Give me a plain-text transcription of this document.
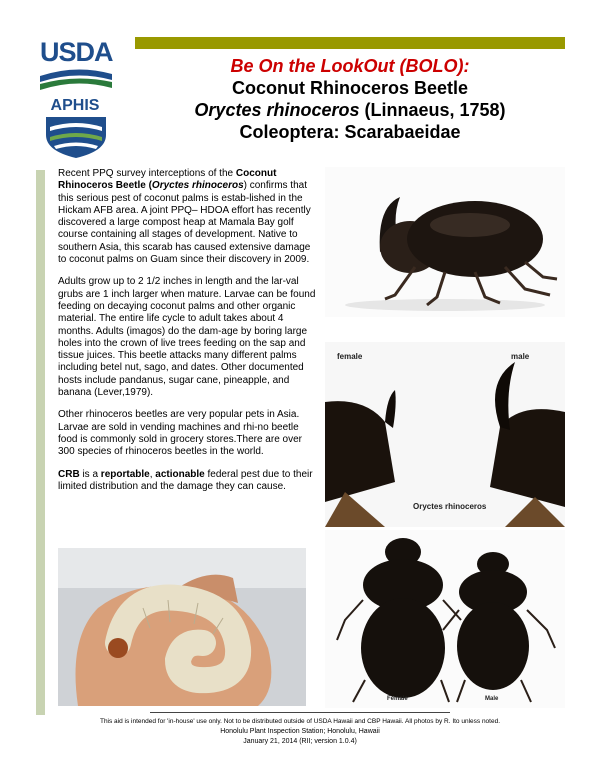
USDA
APHIS
Be On the LookOut (BOLO):
Coconut Rhinoceros Beetle
Oryctes rhinoceros (Linnaeus, 1758)
Coleoptera: Scarabaeidae

Recent PPQ survey interceptions of the Coconut Rhinoceros Beetle (Oryctes rhinoceros) confirms that this serious pest of coconut palms is estab-lished in the Hickam AFB area. A joint PPQ– HDOA effort has recently discovered a large compost heap at Mamala Bay golf course containing all stages of development. Native to southern Asia, this scarab has caused extensive damage to coconut palms on Guam since their discovery in 2009.

Adults grow up to 2 1/2 inches in length and the lar-val grubs are 1 inch larger when mature. Larvae can be found feeding on decaying coconut palms and other organic material. The entire life cycle to adult takes about 4 months. Adults (imagos) do the dam-age by boring large holes into the crown of live trees feeding on the sap and tissue juices. This beetle attacks many different palms including betel nut, sago, and dates. Other documented hosts include pandanus, sugar cane, pineapple, and banana (Lever,1979).

Other rhinoceros beetles are very popular pets in Asia. Larvae are sold in vending machines and rhi-no beetle food is commonly sold in grocery stores.There are over 300 species of rhinoceros beetles in the world.

CRB is a reportable, actionable federal pest due to their limited distribution and the damage they can cause.

female	male
Oryctes rhinoceros
Female	Male
This aid is intended for 'in-house' use only. Not to be distributed outside of USDA Hawaii and CBP Hawaii. All photos by R. Ito unless noted.
Honolulu Plant Inspection Station; Honolulu, Hawaii
January 21, 2014 (RII; version 1.0.4)
